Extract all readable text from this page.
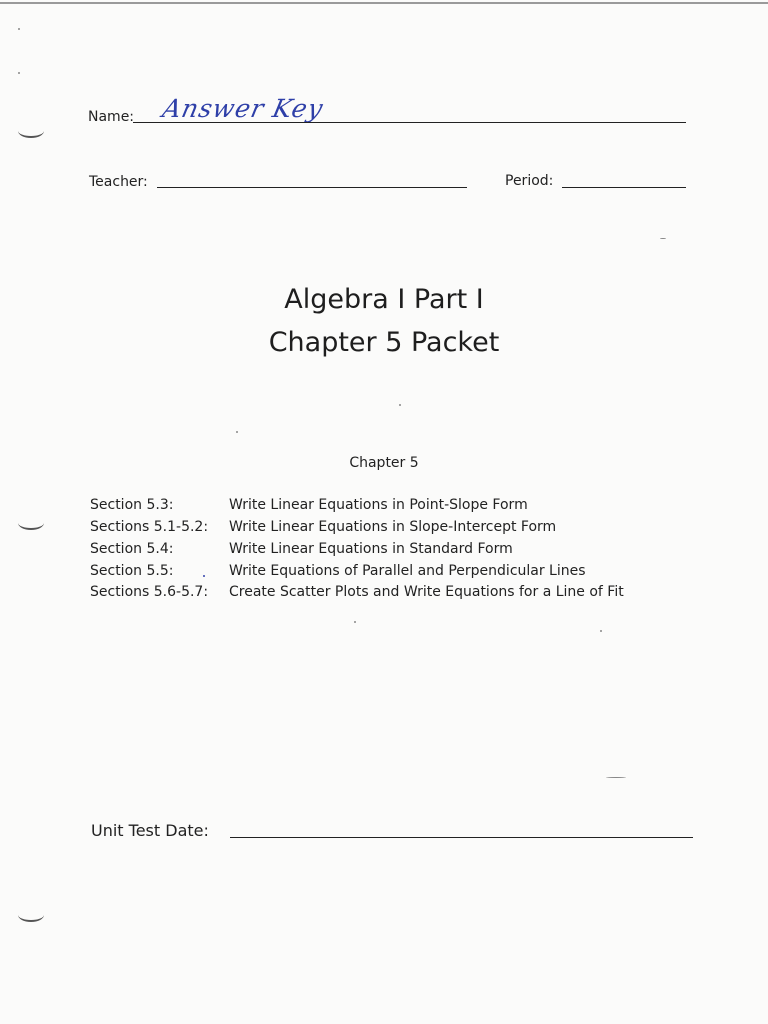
Name: Answer Key
Teacher:	Period:
Algebra I Part I
Chapter 5 Packet
Chapter 5
Section 5.3:	Write Linear Equations in Point-Slope Form
Sections 5.1-5.2: Write Linear Equations in Slope-Intercept Form
Section 5.4:	Write Linear Equations in Standard Form
Section 5.5:	Write Equations of Parallel and Perpendicular Lines
Sections 5.6-5.7: Create Scatter Plots and Write Equations for a Line of Fit
Unit Test Date:
